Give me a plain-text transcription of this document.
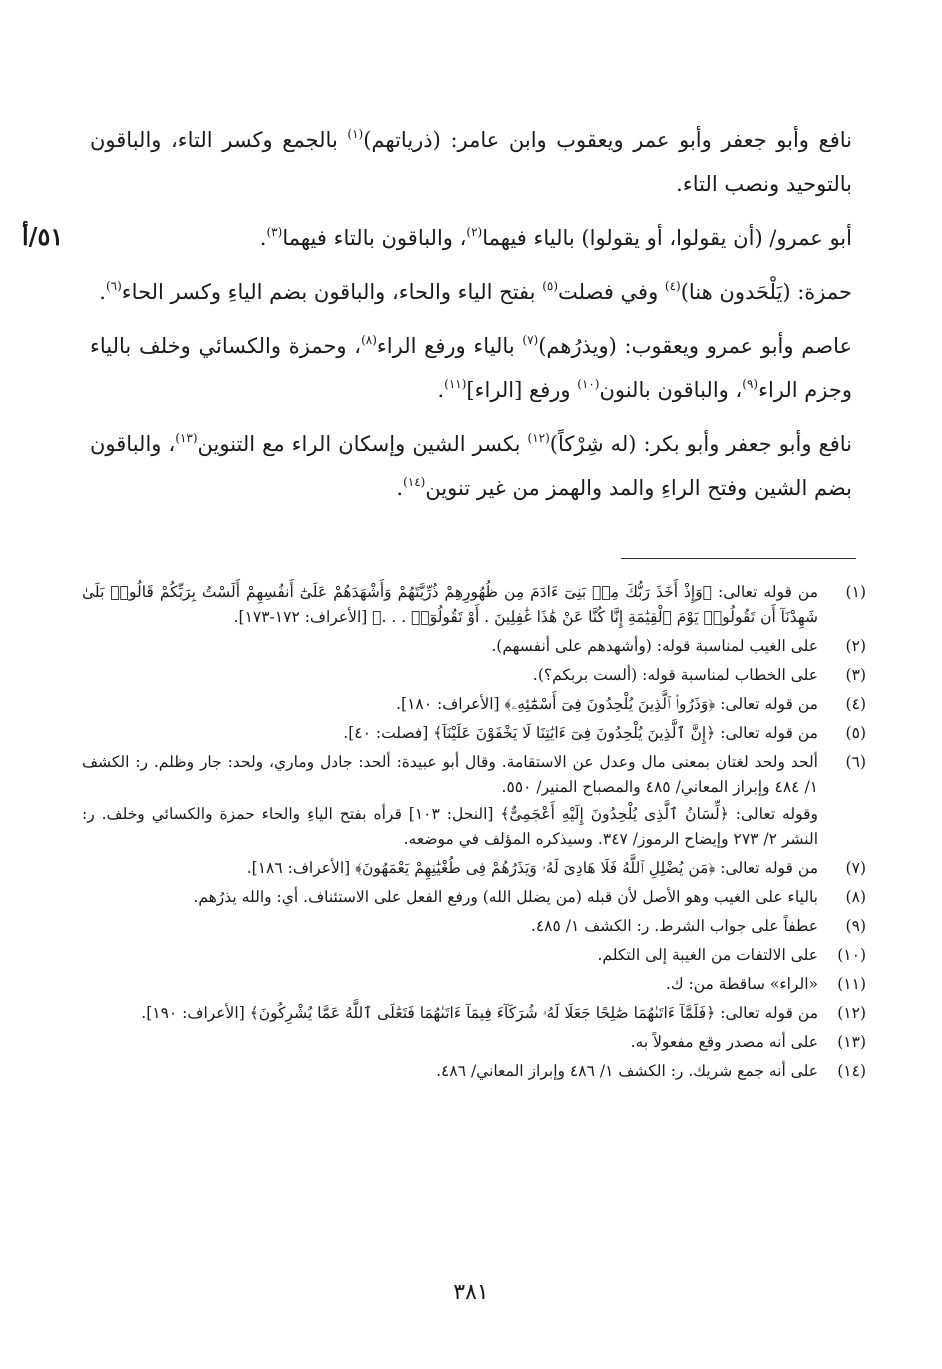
٥١/أ

نافع وأبو جعفر وأبو عمر ويعقوب وابن عامر: (ذرياتهم)$^{(١)}$ بالجمع وكسر التاء، والباقون بالتوحيد ونصب التاء.

أبو عمرو/ (أن يقولوا، أو يقولوا) بالياء فيهما$^{(٢)}$، والباقون بالتاء فيهما$^{(٣)}$.

حمزة: (يَلْحَدون هنا)$^{(٤)}$ وفي فصلت$^{(٥)}$ بفتح الياء والحاء، والباقون بضم الياءِ وكسر الحاء$^{(٦)}$.

عاصم وأبو عمرو ويعقوب: (ويذرُهم)$^{(٧)}$ بالياء ورفع الراء$^{(٨)}$، وحمزة والكسائي وخلف بالياء وجزم الراء$^{(٩)}$، والباقون بالنون$^{(١٠)}$ ورفع [الراء]$^{(١١)}$.

نافع وأبو جعفر وأبو بكر: (له شِرْكاً)$^{(١٢)}$ بكسر الشين وإسكان الراء مع التنوين$^{(١٣)}$، والباقون بضم الشين وفتح الراءِ والمد والهمز من غير تنوين$^{(١٤)}$.

(١)
من قوله تعالى: ﴿وَإِذْ أَخَذَ رَبُّكَ مِنۢ بَنِىٓ ءَادَمَ مِن ظُهُورِهِمْ ذُرِّيَّتَهُمْ وَأَشْهَدَهُمْ عَلَىٰٓ أَنفُسِهِمْ أَلَسْتُ بِرَبِّكُمْ قَالُوا۟ بَلَىٰ شَهِدْنَآ أَن تَقُولُوا۟ يَوْمَ ٱلْقِيَٰمَةِ إِنَّا كُنَّا عَنْ هَٰذَا غَٰفِلِينَ . أَوْ تَقُولُوٓا۟ . . .﴾ [الأعراف: ١٧٢-١٧٣].
(٢)
على الغيب لمناسبة قوله: (وأشهدهم على أنفسهم).
(٣)
على الخطاب لمناسبة قوله: (ألست بربكم؟).
(٤)
من قوله تعالى: ﴿وَذَرُوا۟ ٱلَّذِينَ يُلْحِدُونَ فِىٓ أَسْمَٰٓئِهِۦ﴾ [الأعراف: ١٨٠].
(٥)
من قوله تعالى: ﴿إِنَّ ٱلَّذِينَ يُلْحِدُونَ فِىٓ ءَايَٰتِنَا لَا يَخْفَوْنَ عَلَيْنَآ﴾ [فصلت: ٤٠].
(٦)
ألحد ولحد لغتان بمعنى مال وعدل عن الاستقامة. وقال أبو عبيدة: ألحد: جادل وماري، ولحد: جار وظلم. ر: الكشف ١/ ٤٨٤ وإبراز المعاني/ ٤٨٥ والمصباح المنير/ ٥٥٠.
وقوله تعالى: ﴿لِّسَانُ ٱلَّذِى يُلْحِدُونَ إِلَيْهِ أَعْجَمِىٌّ﴾ [النحل: ١٠٣] قرأه بفتح الياءِ والحاء حمزة والكسائي وخلف. ر: النشر ٢/ ٢٧٣ وإيضاح الرموز/ ٣٤٧. وسيذكره المؤلف في موضعه.
(٧)
من قوله تعالى: ﴿مَن يُضْلِلِ ٱللَّهُ فَلَا هَادِىَ لَهُۥ وَيَذَرُهُمْ فِى طُغْيَٰنِهِمْ يَعْمَهُونَ﴾ [الأعراف: ١٨٦].
(٨)
بالياء على الغيب وهو الأصل لأن قبله (من يضلل الله) ورفع الفعل على الاستئناف. أي: والله يذرُهم.
(٩)
عطفاً على جواب الشرط. ر: الكشف ١/ ٤٨٥.
(١٠)
على الالتفات من الغيبة إلى التكلم.
(١١)
«الراء» ساقطة من: ك.
(١٢)
من قوله تعالى: ﴿فَلَمَّآ ءَاتَىٰهُمَا صَٰلِحًا جَعَلَا لَهُۥ شُرَكَآءَ فِيمَآ ءَاتَىٰهُمَا فَتَعَٰلَى ٱللَّهُ عَمَّا يُشْرِكُونَ﴾ [الأعراف: ١٩٠].
(١٣)
على أنه مصدر وقع مفعولاً به.
(١٤)
على أنه جمع شريك. ر: الكشف ١/ ٤٨٦ وإبراز المعاني/ ٤٨٦.
٣٨١
